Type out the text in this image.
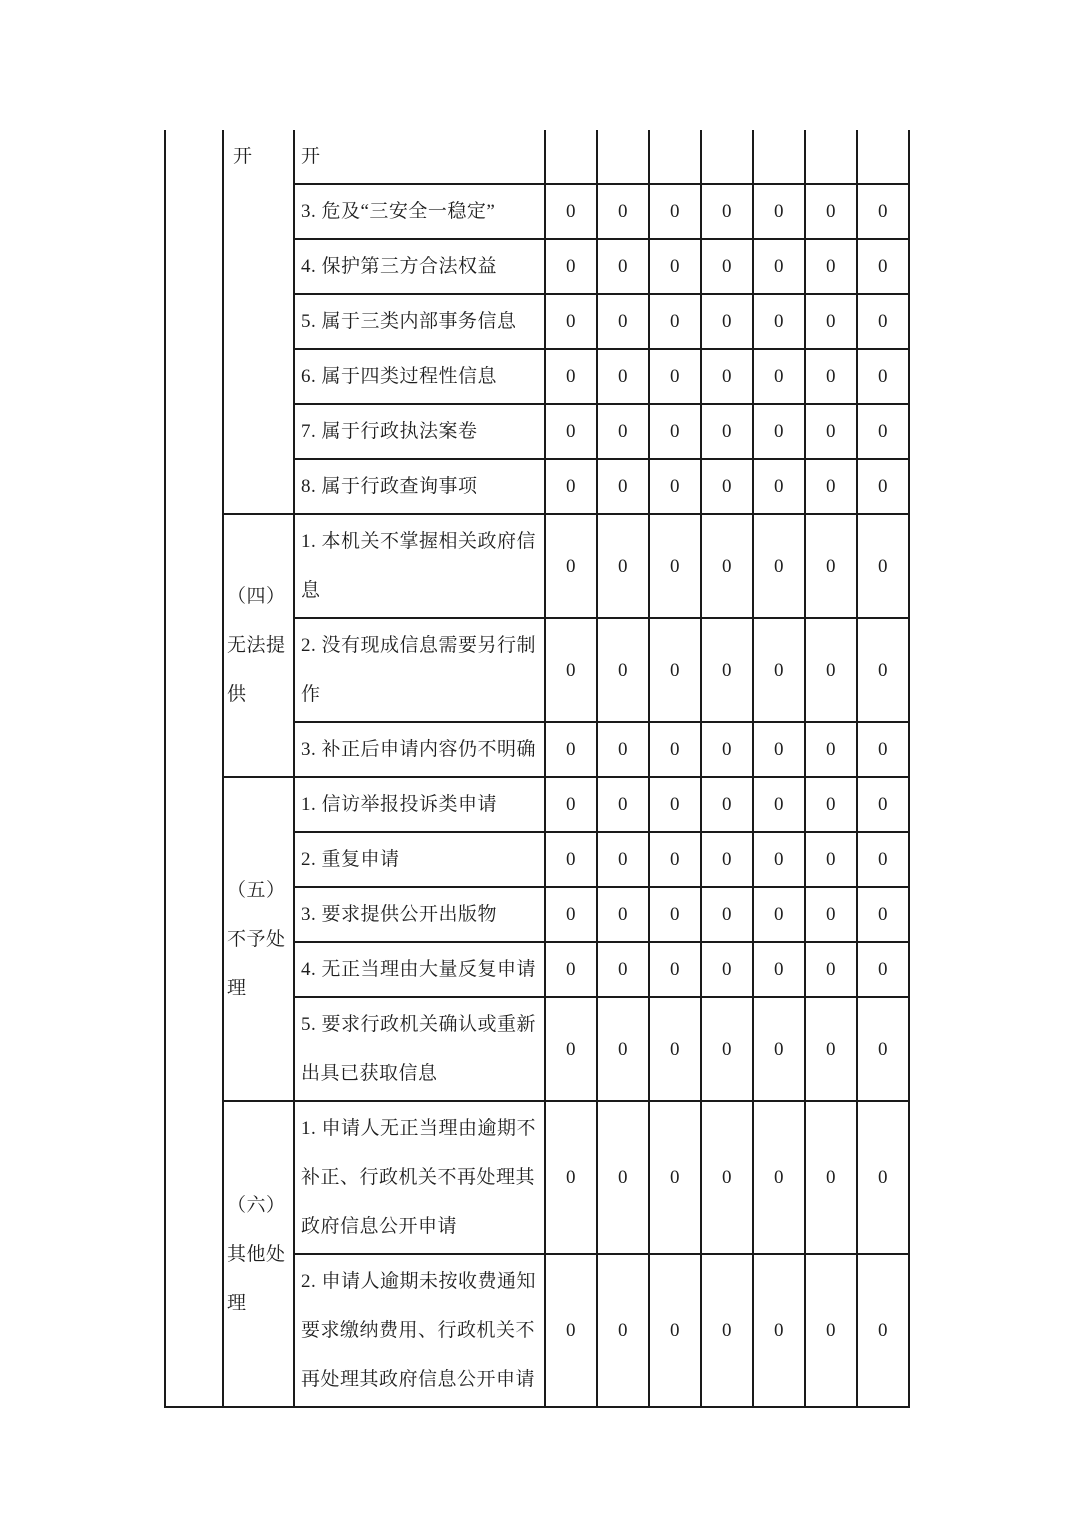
	开	开							
		3. 危及“三安全一稳定”	0	0	0	0	0	0	0
		4. 保护第三方合法权益	0	0	0	0	0	0	0
		5. 属于三类内部事务信息	0	0	0	0	0	0	0
		6. 属于四类过程性信息	0	0	0	0	0	0	0
		7. 属于行政执法案卷	0	0	0	0	0	0	0
		8. 属于行政查询事项	0	0	0	0	0	0	0
	（四）无法提供	1. 本机关不掌握相关政府信息	0	0	0	0	0	0	0
		2. 没有现成信息需要另行制作	0	0	0	0	0	0	0
		3. 补正后申请内容仍不明确	0	0	0	0	0	0	0
	（五）不予处理	1. 信访举报投诉类申请	0	0	0	0	0	0	0
		2. 重复申请	0	0	0	0	0	0	0
		3. 要求提供公开出版物	0	0	0	0	0	0	0
		4. 无正当理由大量反复申请	0	0	0	0	0	0	0
		5. 要求行政机关确认或重新出具已获取信息	0	0	0	0	0	0	0
	（六）其他处理	1. 申请人无正当理由逾期不补正、行政机关不再处理其政府信息公开申请	0	0	0	0	0	0	0
		2. 申请人逾期未按收费通知要求缴纳费用、行政机关不再处理其政府信息公开申请	0	0	0	0	0	0	0
